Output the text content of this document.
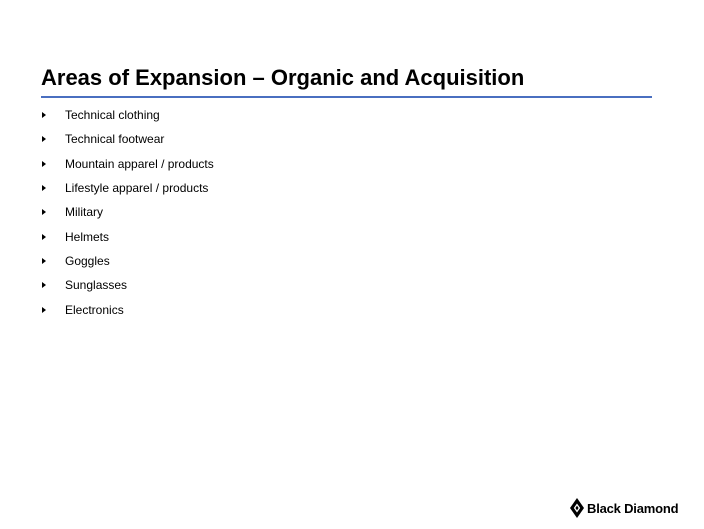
Areas of Expansion – Organic and Acquisition
Technical clothing
Technical footwear
Mountain apparel / products
Lifestyle apparel / products
Military
Helmets
Goggles
Sunglasses
Electronics
Black Diamond
